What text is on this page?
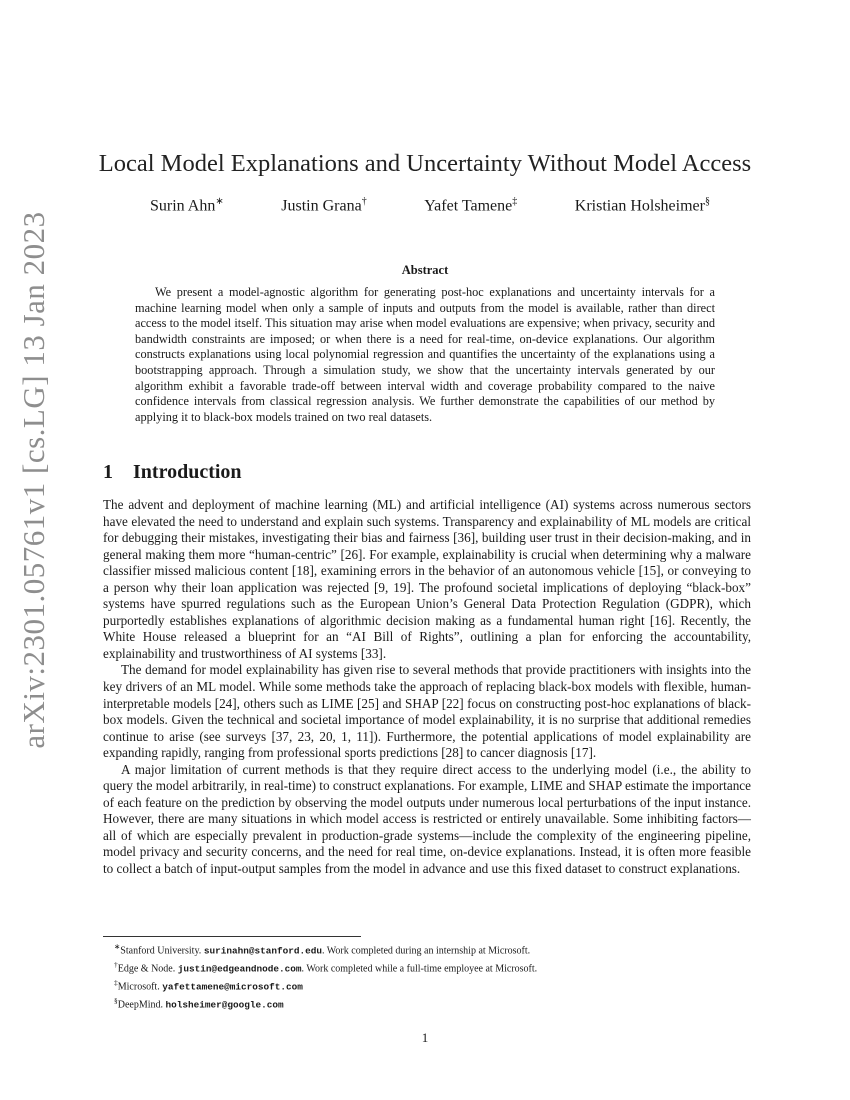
arXiv:2301.05761v1 [cs.LG] 13 Jan 2023
Local Model Explanations and Uncertainty Without Model Access
Surin Ahn∗	Justin Grana†	Yafet Tamene‡	Kristian Holsheimer§
Abstract

We present a model-agnostic algorithm for generating post-hoc explanations and uncertainty intervals for a machine learning model when only a sample of inputs and outputs from the model is available, rather than direct access to the model itself. This situation may arise when model evaluations are expensive; when privacy, security and bandwidth constraints are imposed; or when there is a need for real-time, on-device explanations. Our algorithm constructs explanations using local polynomial regression and quantifies the uncertainty of the explanations using a bootstrapping approach. Through a simulation study, we show that the uncertainty intervals generated by our algorithm exhibit a favorable trade-off between interval width and coverage probability compared to the naive confidence intervals from classical regression analysis. We further demonstrate the capabilities of our method by applying it to black-box models trained on two real datasets.

1 Introduction

The advent and deployment of machine learning (ML) and artificial intelligence (AI) systems across numerous sectors have elevated the need to understand and explain such systems. Transparency and explainability of ML models are critical for debugging their mistakes, investigating their bias and fairness [36], building user trust in their decision-making, and in general making them more “human-centric” [26]. For example, explainability is crucial when determining why a malware classifier missed malicious content [18], examining errors in the behavior of an autonomous vehicle [15], or conveying to a person why their loan application was rejected [9, 19]. The profound societal implications of deploying “black-box” systems have spurred regulations such as the European Union’s General Data Protection Regulation (GDPR), which purportedly establishes explanations of algorithmic decision making as a fundamental human right [16]. Recently, the White House released a blueprint for an “AI Bill of Rights”, outlining a plan for enforcing the accountability, explainability and trustworthiness of AI systems [33].

The demand for model explainability has given rise to several methods that provide practitioners with insights into the key drivers of an ML model. While some methods take the approach of replacing black-box models with flexible, human-interpretable models [24], others such as LIME [25] and SHAP [22] focus on constructing post-hoc explanations of black-box models. Given the technical and societal importance of model explainability, it is no surprise that additional remedies continue to arise (see surveys [37, 23, 20, 1, 11]). Furthermore, the potential applications of model explainability are expanding rapidly, ranging from professional sports predictions [28] to cancer diagnosis [17].

A major limitation of current methods is that they require direct access to the underlying model (i.e., the ability to query the model arbitrarily, in real-time) to construct explanations. For example, LIME and SHAP estimate the importance of each feature on the prediction by observing the model outputs under numerous local perturbations of the input instance. However, there are many situations in which model access is restricted or entirely unavailable. Some inhibiting factors—all of which are especially prevalent in production-grade systems—include the complexity of the engineering pipeline, model privacy and security concerns, and the need for real time, on-device explanations. Instead, it is often more feasible to collect a batch of input-output samples from the model in advance and use this fixed dataset to construct explanations.

∗Stanford University. surinahn@stanford.edu. Work completed during an internship at Microsoft.
†Edge & Node. justin@edgeandnode.com. Work completed while a full-time employee at Microsoft.
‡Microsoft. yafettamene@microsoft.com
§DeepMind. holsheimer@google.com
1
